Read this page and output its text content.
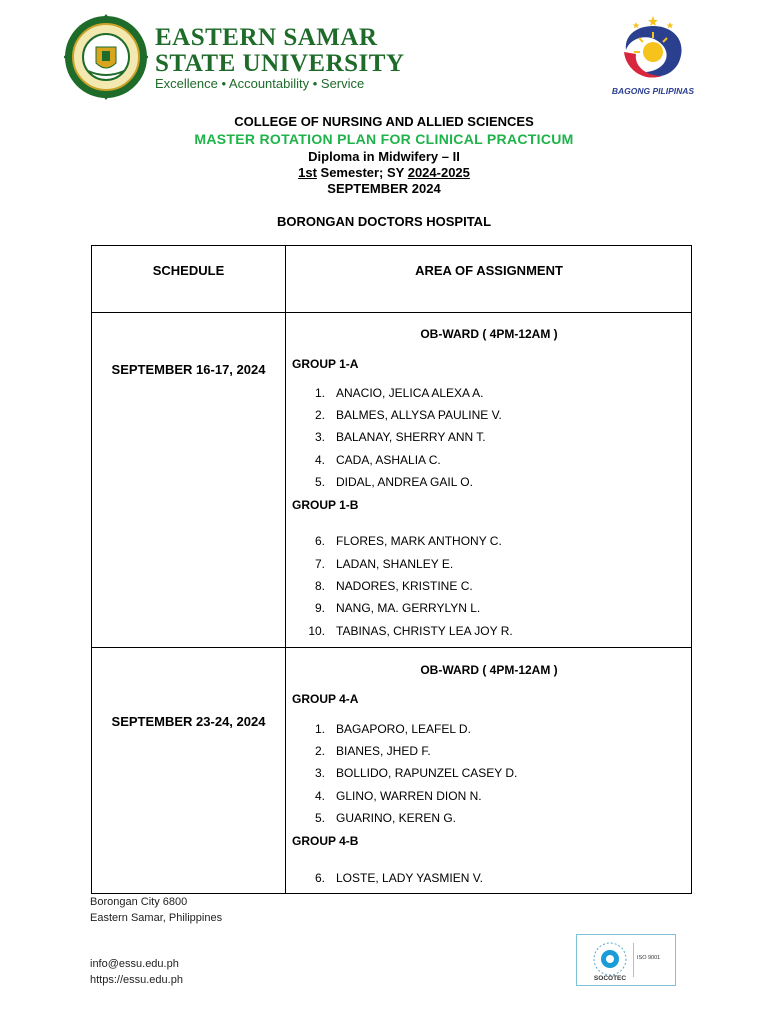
EASTERN SAMAR
STATE UNIVERSITY
Excellence • Accountability • Service	BAGONG PILIPINAS
COLLEGE OF NURSING AND ALLIED SCIENCES
MASTER ROTATION PLAN FOR CLINICAL PRACTICUM
Diploma in Midwifery – II
1st Semester; SY 2024-2025
SEPTEMBER 2024
BORONGAN DOCTORS HOSPITAL
SCHEDULE	AREA OF ASSIGNMENT
SEPTEMBER 16-17, 2024
OB-WARD ( 4PM-12AM )
GROUP 1-A
1. ANACIO, JELICA ALEXA A.
2. BALMES, ALLYSA PAULINE V.
3. BALANAY, SHERRY ANN T.
4. CADA, ASHALIA C.
5. DIDAL, ANDREA GAIL O.
GROUP 1-B
6. FLORES, MARK ANTHONY C.
7. LADAN, SHANLEY E.
8. NADORES, KRISTINE C.
9. NANG, MA. GERRYLYN L.
10. TABINAS, CHRISTY LEA JOY R.
SEPTEMBER 23-24, 2024
OB-WARD ( 4PM-12AM )
GROUP 4-A
1. BAGAPORO, LEAFEL D.
2. BIANES, JHED F.
3. BOLLIDO, RAPUNZEL CASEY D.
4. GLINO, WARREN DION N.
5. GUARINO, KEREN G.
GROUP 4-B
6. LOSTE, LADY YASMIEN V.
Borongan City 6800
Eastern Samar, Philippines
info@essu.edu.ph
https://essu.edu.ph	SOCOTEC
ISO 9001
